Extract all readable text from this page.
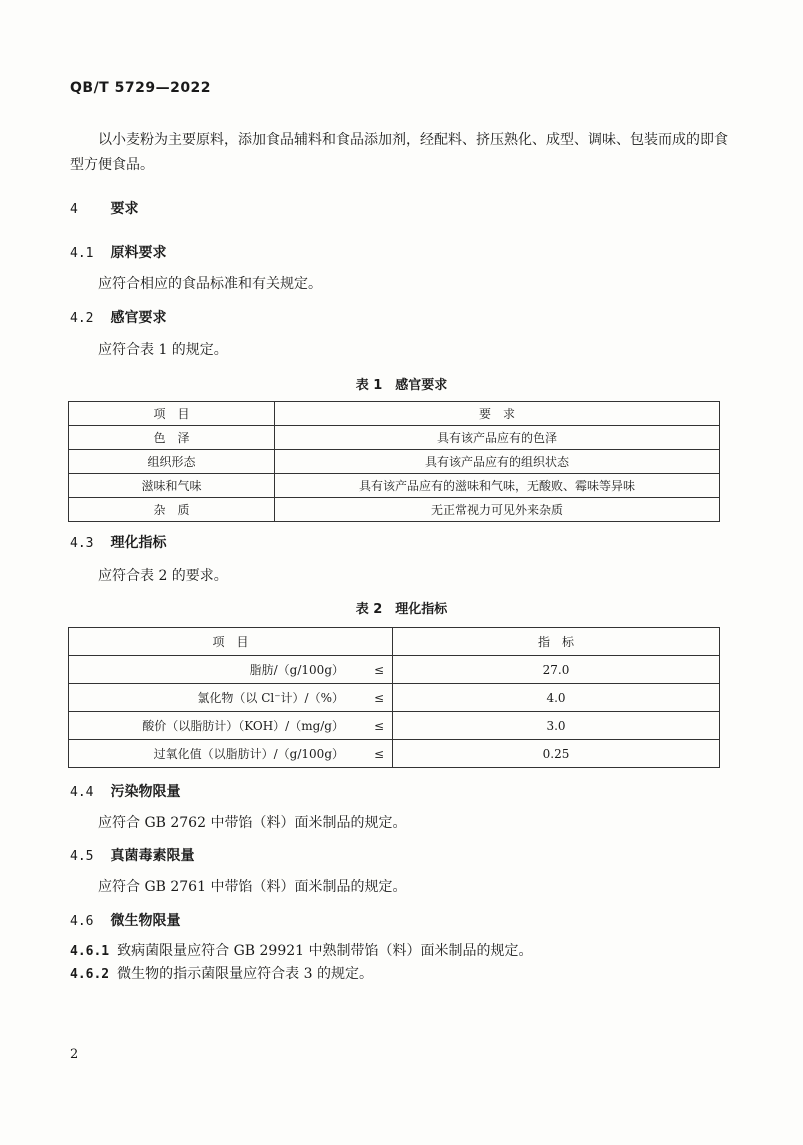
QB/T 5729—2022
以小麦粉为主要原料，添加食品辅料和食品添加剂，经配料、挤压熟化、成型、调味、包装而成的即食型方便食品。
4 要求
4.1 原料要求
应符合相应的食品标准和有关规定。
4.2 感官要求
应符合表 1 的规定。
表 1　感官要求
项　目	要　求
色　泽	具有该产品应有的色泽
组织形态	具有该产品应有的组织状态
滋味和气味	具有该产品应有的滋味和气味，无酸败、霉味等异味
杂　质	无正常视力可见外来杂质
4.3 理化指标
应符合表 2 的要求。
表 2　理化指标
项　目	指　标
脂肪/（g/100g） ≤	27.0
氯化物（以 Cl⁻计）/（%） ≤	4.0
酸价（以脂肪计）（KOH）/（mg/g） ≤	3.0
过氧化值（以脂肪计）/（g/100g） ≤	0.25
4.4 污染物限量
应符合 GB 2762 中带馅（料）面米制品的规定。
4.5 真菌毒素限量
应符合 GB 2761 中带馅（料）面米制品的规定。
4.6 微生物限量
4.6.1 致病菌限量应符合 GB 29921 中熟制带馅（料）面米制品的规定。
4.6.2 微生物的指示菌限量应符合表 3 的规定。
2
